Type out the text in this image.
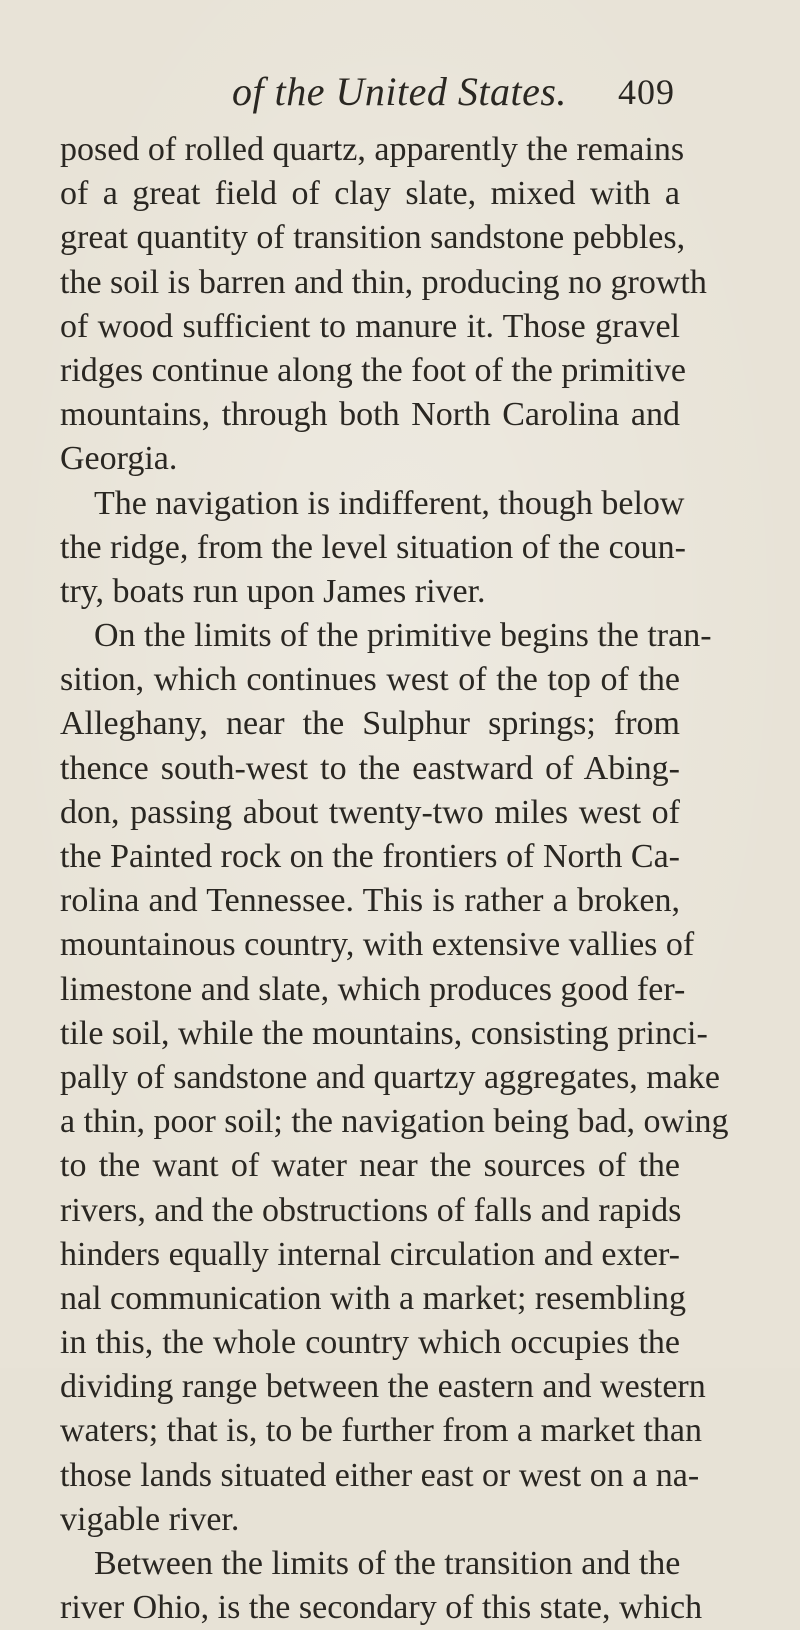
of the United States. 409
posed of rolled quartz, apparently the remains
of a great field of clay slate, mixed with a
great quantity of transition sandstone pebbles,
the soil is barren and thin, producing no growth
of wood sufficient to manure it. Those gravel
ridges continue along the foot of the primitive
mountains, through both North Carolina and
Georgia.
The navigation is indifferent, though below
the ridge, from the level situation of the coun-
try, boats run upon James river.
On the limits of the primitive begins the tran-
sition, which continues west of the top of the
Alleghany, near the Sulphur springs; from
thence south-west to the eastward of Abing-
don, passing about twenty-two miles west of
the Painted rock on the frontiers of North Ca-
rolina and Tennessee. This is rather a broken,
mountainous country, with extensive vallies of
limestone and slate, which produces good fer-
tile soil, while the mountains, consisting princi-
pally of sandstone and quartzy aggregates, make
a thin, poor soil; the navigation being bad, owing
to the want of water near the sources of the
rivers, and the obstructions of falls and rapids
hinders equally internal circulation and exter-
nal communication with a market; resembling
in this, the whole country which occupies the
dividing range between the eastern and western
waters; that is, to be further from a market than
those lands situated either east or west on a na-
vigable river.
Between the limits of the transition and the
river Ohio, is the secondary of this state, which
